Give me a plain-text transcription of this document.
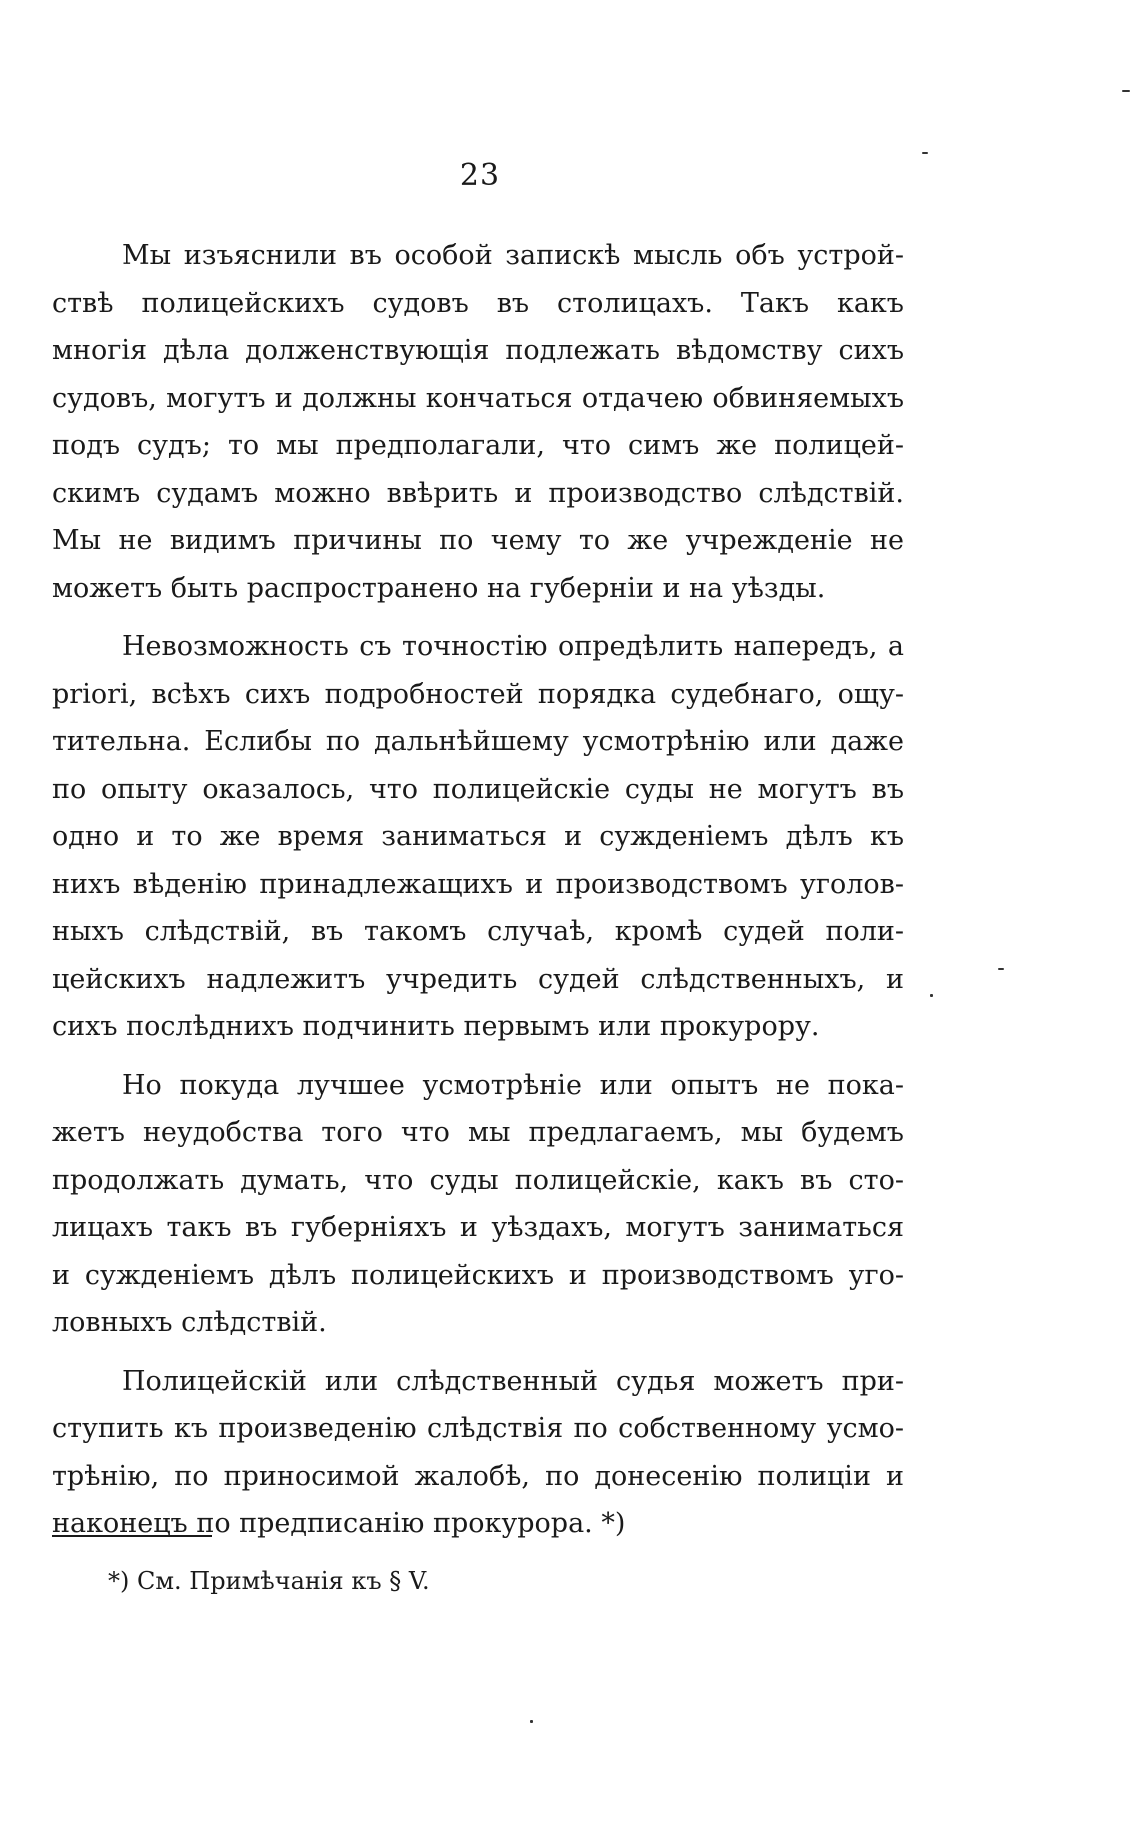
23

Мы изъяснили въ особой запискѣ мысль объ устрой-
ствѣ полицейскихъ судовъ въ столицахъ. Такъ какъ
многія дѣла долженствующія подлежать вѣдомству сихъ
судовъ, могутъ и должны кончаться отдачею обвиняемыхъ
подъ судъ; то мы предполагали, что симъ же полицей-
скимъ судамъ можно ввѣрить и производство слѣдствій.
Мы не видимъ причины по чему то же учрежденіе не
можетъ быть распространено на губерніи и на уѣзды.

Невозможность съ точностію опредѣлить напередъ, а
priori, всѣхъ сихъ подробностей порядка судебнаго, ощу-
тительна. Еслибы по дальнѣйшему усмотрѣнію или даже
по опыту оказалось, что полицейскіе суды не могутъ въ
одно и то же время заниматься и сужденіемъ дѣлъ къ
нихъ вѣденію принадлежащихъ и производствомъ уголов-
ныхъ слѣдствій, въ такомъ случаѣ, кромѣ судей поли-
цейскихъ надлежитъ учредить судей слѣдственныхъ, и
сихъ послѣднихъ подчинить первымъ или прокурору.

Но покуда лучшее усмотрѣніе или опытъ не пока-
жетъ неудобства того что мы предлагаемъ, мы будемъ
продолжать думать, что суды полицейскіе, какъ въ сто-
лицахъ такъ въ губерніяхъ и уѣздахъ, могутъ заниматься
и сужденіемъ дѣлъ полицейскихъ и производствомъ уго-
ловныхъ слѣдствій.

Полицейскій или слѣдственный судья можетъ при-
ступить къ произведенію слѣдствія по собственному усмо-
трѣнію, по приносимой жалобѣ, по донесенію полиціи и
наконецъ по предписанію прокурора. *)

*) См. Примѣчанія къ § V.
